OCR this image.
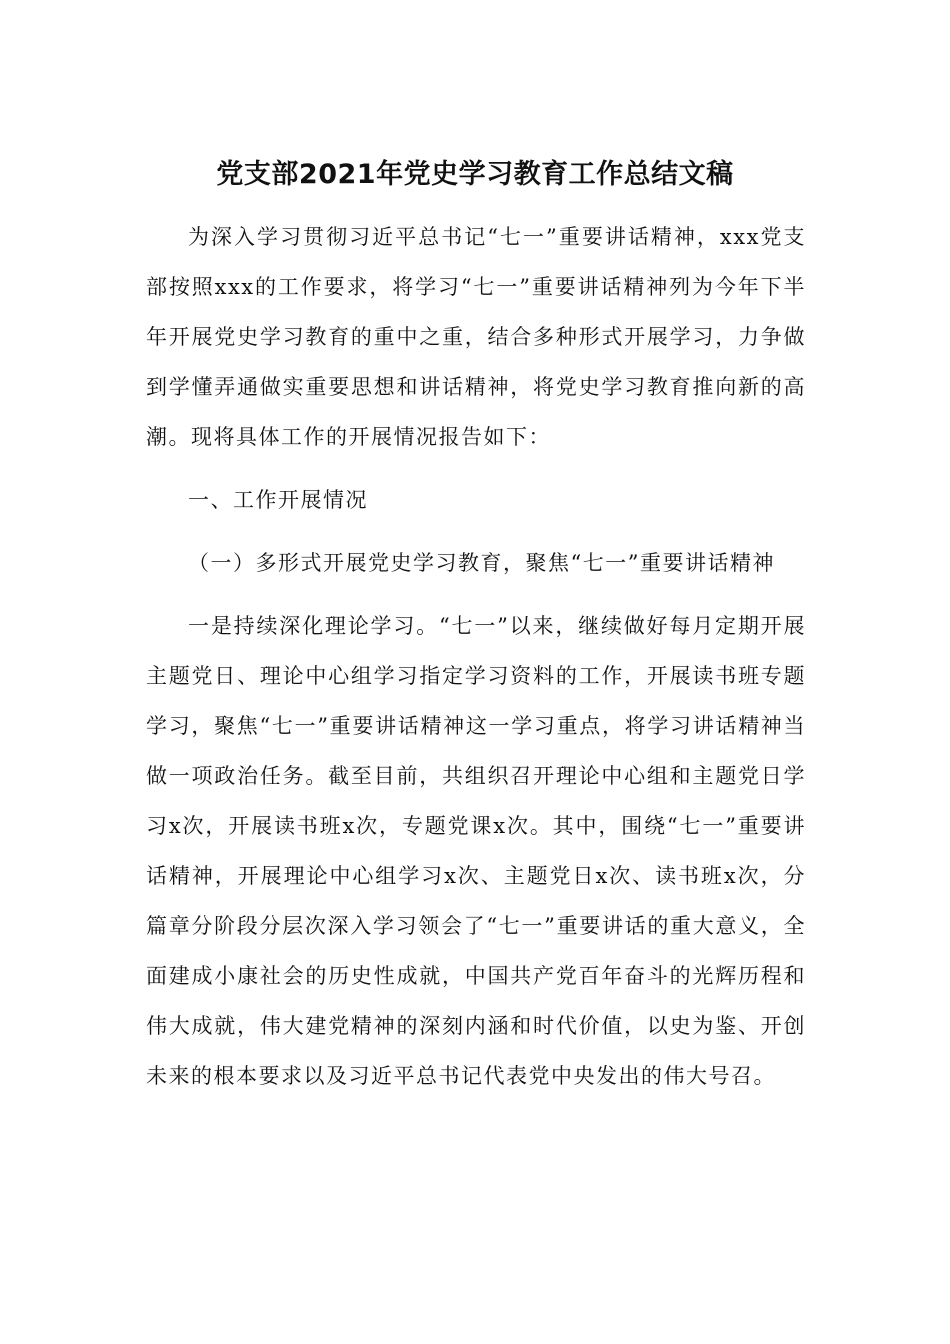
党支部2021年党史学习教育工作总结文稿

为深入学习贯彻习近平总书记“七一”重要讲话精神，xxx党支部按照xxx的工作要求，将学习“七一”重要讲话精神列为今年下半年开展党史学习教育的重中之重，结合多种形式开展学习，力争做到学懂弄通做实重要思想和讲话精神，将党史学习教育推向新的高潮。现将具体工作的开展情况报告如下：

一、工作开展情况

（一）多形式开展党史学习教育，聚焦“七一”重要讲话精神

一是持续深化理论学习。“七一”以来，继续做好每月定期开展主题党日、理论中心组学习指定学习资料的工作，开展读书班专题学习，聚焦“七一”重要讲话精神这一学习重点，将学习讲话精神当做一项政治任务。截至目前，共组织召开理论中心组和主题党日学习x次，开展读书班x次，专题党课x次。其中，围绕“七一”重要讲话精神，开展理论中心组学习x次、主题党日x次、读书班x次，分篇章分阶段分层次深入学习领会了“七一”重要讲话的重大意义，全面建成小康社会的历史性成就，中国共产党百年奋斗的光辉历程和伟大成就，伟大建党精神的深刻内涵和时代价值，以史为鉴、开创未来的根本要求以及习近平总书记代表党中央发出的伟大号召。
